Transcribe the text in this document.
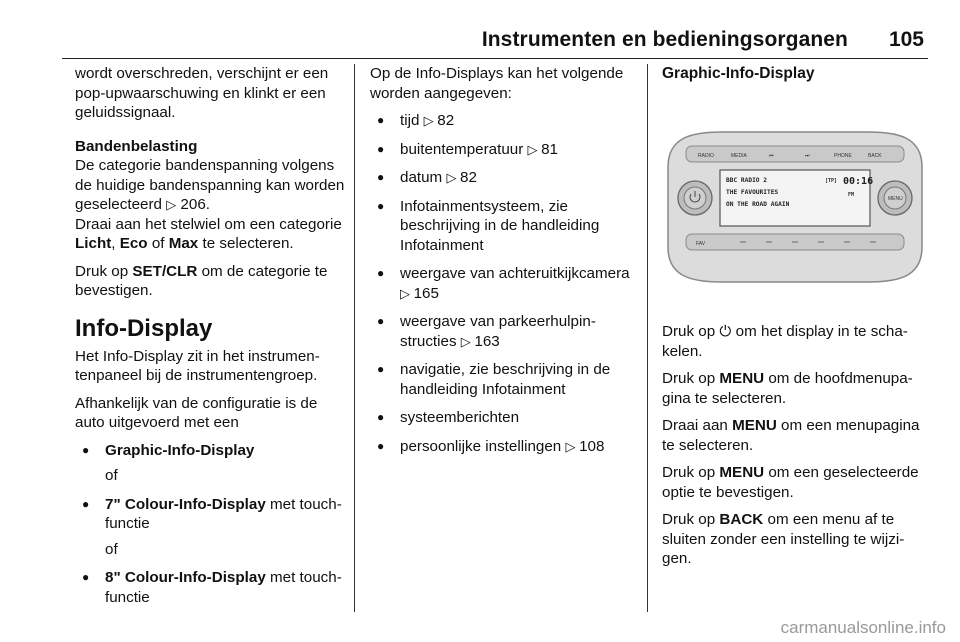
Instrumenten en bedieningsorganen 105

wordt overschreden, verschijnt er een pop-upwaarschuwing en klinkt er een geluidssignaal.

Bandenbelasting

De categorie bandenspanning volgens de huidige bandenspanning kan worden geselecteerd ▷ 206.
Draai aan het stelwiel om een categorie Licht, Eco of Max te selecteren.

Druk op SET/CLR om de categorie te bevestigen.

Info-Display

Het Info-Display zit in het instrumentenpaneel bij de instrumentengroep.

Afhankelijk van de configuratie is de auto uitgevoerd met een

● Graphic-Info-Display
of
● 7" Colour-Info-Display met touchfunctie
of
● 8" Colour-Info-Display met touchfunctie

Op de Info-Displays kan het volgende worden aangegeven:

● tijd ▷ 82
● buitentemperatuur ▷ 81
● datum ▷ 82
● Infotainmentsysteem, zie beschrijving in de handleiding Infotainment
● weergave van achteruitkijkcamera ▷ 165
● weergave van parkeerhulpinstructies ▷ 163
● navigatie, zie beschrijving in de handleiding Infotainment
● systeemberichten
● persoonlijke instellingen ▷ 108
Graphic-Info-Display
RADIO	MEDIA	⏮	⏭	PHONE	BACK
BBC RADIO 2
THE FAVOURITES
ON THE ROAD AGAIN
[TP] 00:16
FM
MENU
FAV

Druk op ⏻ om het display in te schakelen.

Druk op MENU om de hoofdmenupagina te selecteren.

Draai aan MENU om een menupagina te selecteren.

Druk op MENU om een geselecteerde optie te bevestigen.

Druk op BACK om een menu af te sluiten zonder een instelling te wijzigen.

carmanualsonline.info
